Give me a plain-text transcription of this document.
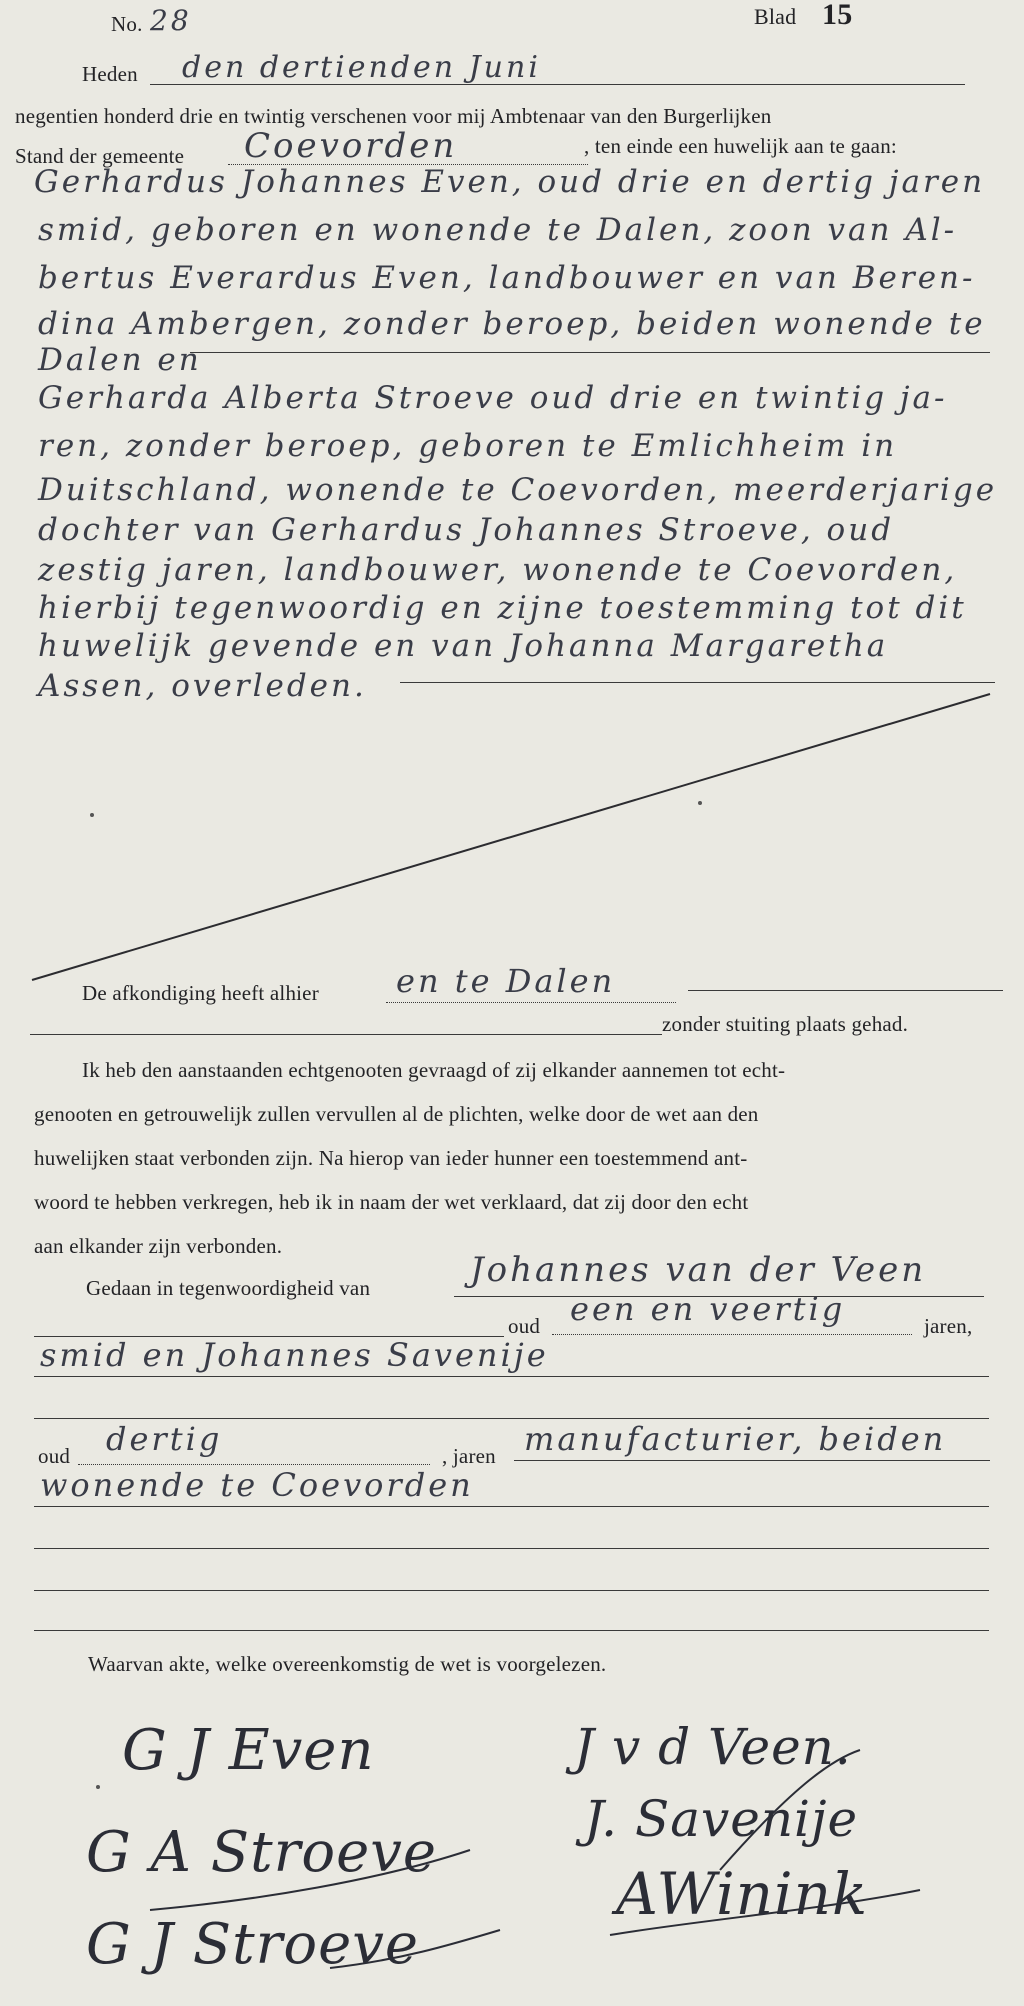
No. 28	Blad 15
Heden den dertienden Juni
negentien honderd drie en twintig verschenen voor mij Ambtenaar van den Burgerlijken
Stand der gemeente Coevorden	, ten einde een huwelijk aan te gaan:
Gerhardus Johannes Even, oud drie en dertig jaren
smid, geboren en wonende te Dalen, zoon van Al-
bertus Everardus Even, landbouwer en van Beren-
dina Ambergen, zonder beroep, beiden wonende te
Dalen en
Gerharda Alberta Stroeve oud drie en twintig ja-
ren, zonder beroep, geboren te Emlichheim in
Duitschland, wonende te Coevorden, meerderjarige
dochter van Gerhardus Johannes Stroeve, oud
zestig jaren, landbouwer, wonende te Coevorden,
hierbij tegenwoordig en zijne toestemming tot dit
huwelijk gevende en van Johanna Margaretha
Assen, overleden.
De afkondiging heeft alhier en te Dalen
zonder stuiting plaats gehad.
Ik heb den aanstaanden echtgenooten gevraagd of zij elkander aannemen tot echt-
genooten en getrouwelijk zullen vervullen al de plichten, welke door de wet aan den
huwelijken staat verbonden zijn. Na hierop van ieder hunner een toestemmend ant-
woord te hebben verkregen, heb ik in naam der wet verklaard, dat zij door den echt
aan elkander zijn verbonden.
Gedaan in tegenwoordigheid van	Johannes van der Veen
oud een en veertig	jaren,
smid en Johannes Savenije
oud dertig	, jaren manufacturier, beiden
wonende te Coevorden
Waarvan akte, welke overeenkomstig de wet is voorgelezen.
G J Even
G A Stroeve
G J Stroeve
J v d Veen.
J. Savenije
AWinink
